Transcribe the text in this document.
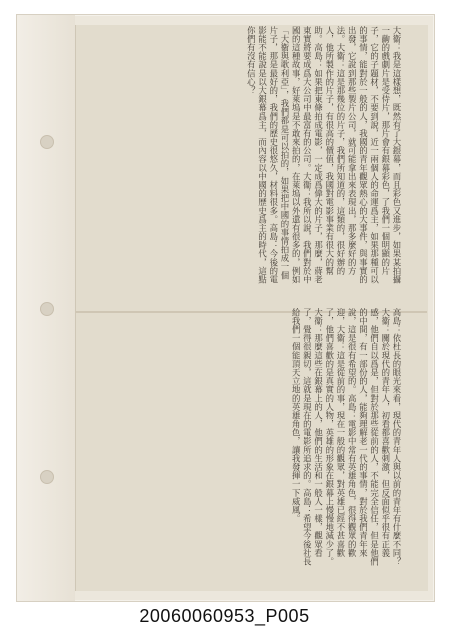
大衞：我是這樣想，既然有了大銀幕，而且彩色又進步，如果某拍攝一齣的戲劇片是受侍片，那片會有銀幕彩色，了我們一個明顯的片子，它的子題材，不要到說，近一兩個人的命運爲主，如果那種可以的事情，能對於一般的人，我國的青年觀眾熱心的大事件，與事實的出發，它說到那些製片公司，就可能拿出來表現出，那多麼好的方法。大衞：這是那幾位的片子，我們所知道的，這類的，很好辦的人，他所製作的片子，有很高的價值，我國對電影事業有很大的幫助。高島：如果把東條拍成電影，一定成爲偉大的片子，那麼，蔣老東實將要成爲大公司中最富有的公司。大衞：我所以說，我們對於中國的這種故事，好萊塢是不敢來拍的，在萊塢以外還有很多的，例如「大衞與歌利亞」，我們都是可以拍的，如果把中國的事情拍成一個片子，那是最好的，我們的歷史很悠久，材料很多。高島：今後的電影能不能說是以大銀幕爲主，而內容以中國的歷史爲主的時代，這點你們有沒有信心？
高島：依杜長的眼光來看，現代的青年人與以前的青年有什麼不同？大衞：關於現代的青年人，初看都喜歡刺激，但反面似乎很有正義感，他們自以爲是，但對於那些從前的人，不能完全信任，但是他們的中間，有一部份的人，能夠理解老一代的事情，對於我們青年來說，這是很有希望的。高島：電影中常有英雄角色，很得觀眾的歡迎，大衞：這是從前的事，現在一般的觀眾，對英雄已經不甚喜歡了，他們喜歡的是真實的人物，英雄的形象在銀幕上慢慢地減少了。大衞：那麼這些在銀幕上的人，他們的生活和一般人一樣，觀眾看了，覺得很親切，這就是現在的電影所追求的。高島：希望今後社長給我們一個能頂天立地的英雄角色，讓我發揮一下威風。
20060060953_P005
